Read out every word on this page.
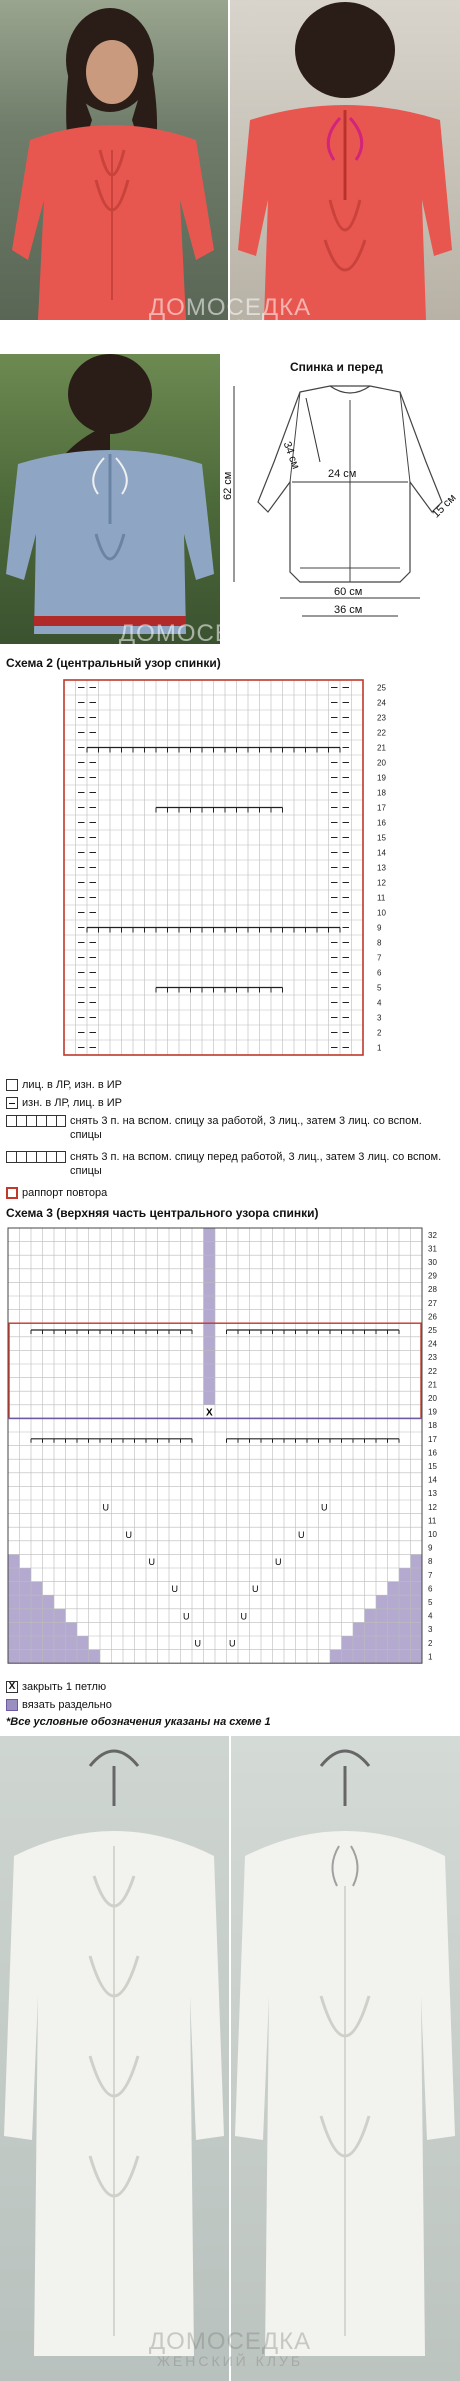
ДОМОСЕДКА
ЖЕНСКИЙ КЛУБ
ДОМОСЕДКА
ЖЕНСКИЙ КЛУБ
Спинка и перед
62 см
34 см
24 см
15 см
60 см
36 см
Схема 2 (центральный узор спинки)
1
2
3
4
5
6
7
8
9
10
11
12
13
14
15
16
17
18
19
20
21
22
23
24
25
лиц. в ЛР, изн. в ИР
изн. в ЛР, лиц. в ИР
снять 3 п. на вспом. спицу за работой, 3 лиц., затем 3 лиц. со вспом. спицы
снять 3 п. на вспом. спицу перед работой, 3 лиц., затем 3 лиц. со вспом. спицы
раппорт повтора
Схема 3 (верхняя часть центрального узора спинки)
X
U	U
U	U
U	U
U	U
U	U
U	U
1
2
3
4
5
6
7
8
9
10
11
12
13
14
15
16
17
18
19
20
21
22
23
24
25
26
27
28
29
30
31
32
X закрыть 1 петлю
вязать раздельно
*Все условные обозначения указаны на схеме 1
ДОМОСЕДКА
ЖЕНСКИЙ КЛУБ
